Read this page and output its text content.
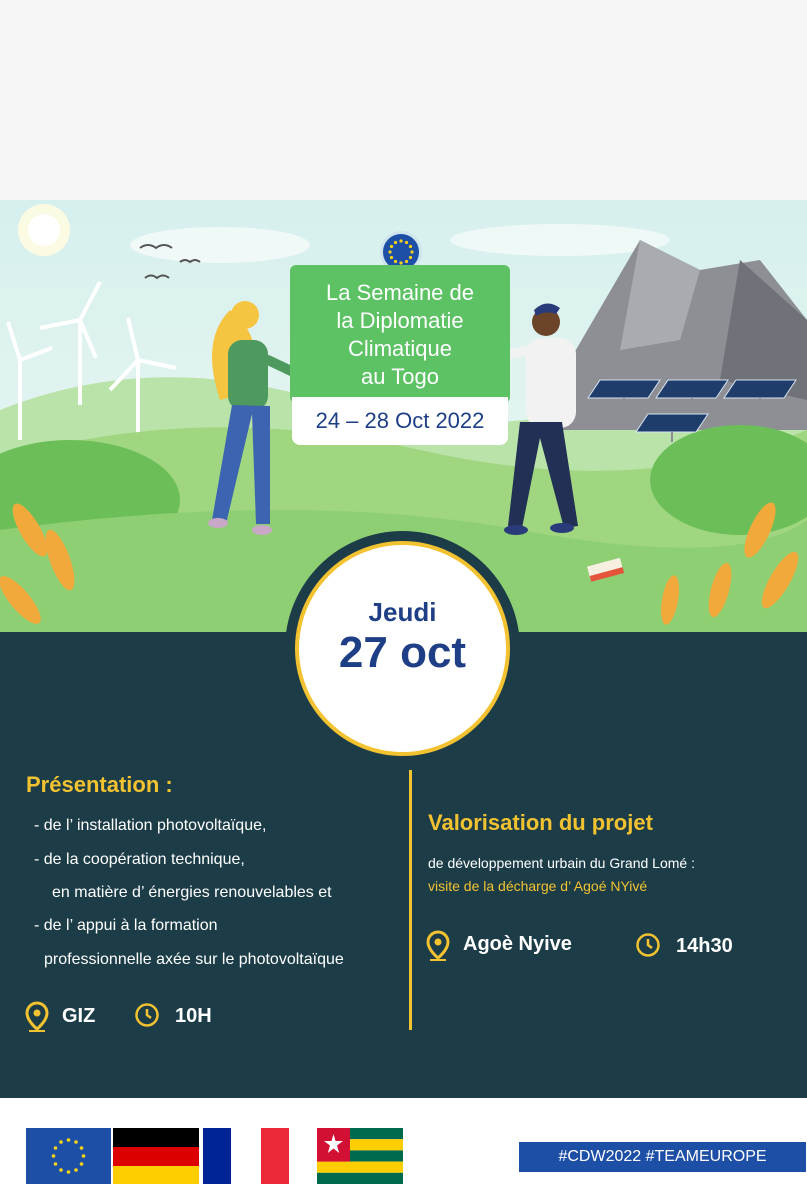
La Semaine de
la Diplomatie
Climatique
au Togo
24 – 28 Oct 2022
Jeudi
27 oct
Présentation :
- de l’ installation photovoltaïque,
- de la coopération technique,
en matière d’ énergies renouvelables et
- de l’ appui à la formation
professionnelle axée sur le photovoltaïque
GIZ	10H
Valorisation du projet
de développement urbain du Grand Lomé :
visite de la décharge d’ Agoé NYivé
Agoè Nyive	14h30
#CDW2022 #TEAMEUROPE
